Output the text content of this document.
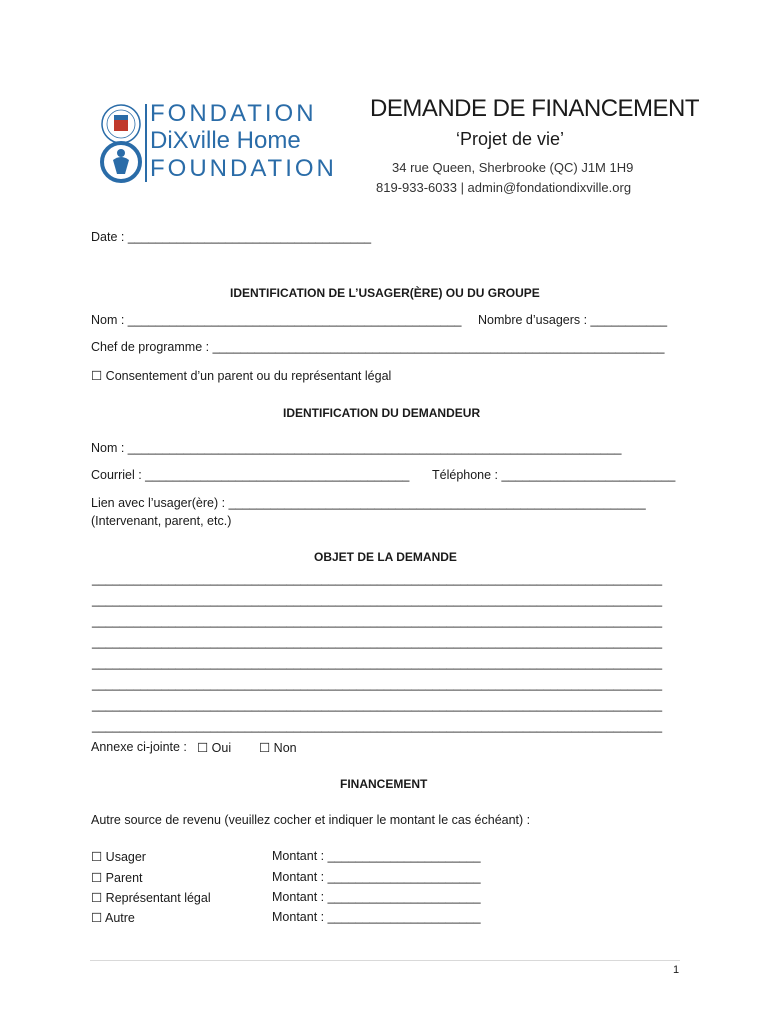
FONDATION
DiXville Home
FOUNDATION
DEMANDE DE FINANCEMENT
‘Projet de vie’
34 rue Queen, Sherbrooke (QC) J1M 1H9
819-933-6033 | admin@fondationdixville.org
Date : ___________________________________
IDENTIFICATION DE L’USAGER(ÈRE) OU DU GROUPE
Nom : ________________________________________________ Nombre d’usagers : ___________
Chef de programme : _________________________________________________________________
☐ Consentement d’un parent ou du représentant légal
IDENTIFICATION DU DEMANDEUR
Nom : _______________________________________________________________________
Courriel : ______________________________________ Téléphone : _________________________
Lien avec l’usager(ère) : ____________________________________________________________
(Intervenant, parent, etc.)
OBJET DE LA DEMANDE
__________________________________________________________________________________
__________________________________________________________________________________
__________________________________________________________________________________
__________________________________________________________________________________
__________________________________________________________________________________
__________________________________________________________________________________
__________________________________________________________________________________
__________________________________________________________________________________
Annexe ci-jointe : ☐ Oui ☐ Non
FINANCEMENT
Autre source de revenu (veuillez cocher et indiquer le montant le cas échéant) :
☐ Usager	Montant : ______________________
☐ Parent	Montant : ______________________
☐ Représentant légal	Montant : ______________________
☐ Autre	Montant : ______________________
1
